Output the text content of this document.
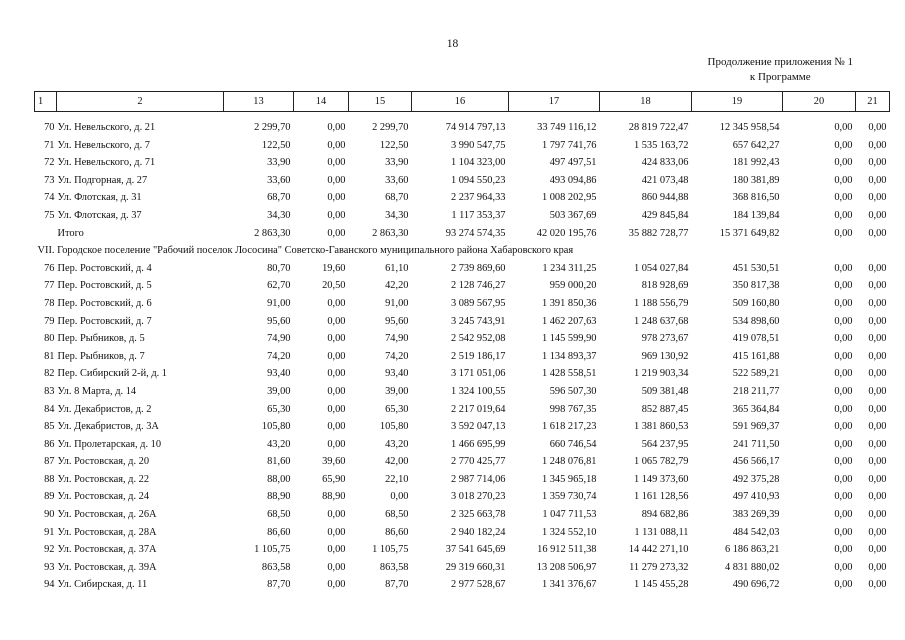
18
Продолжение приложения № 1
к Программе
1	2	13	14	15	16	17	18	19	20	21

70	Ул. Невельского, д. 21	2 299,70	0,00	2 299,70	74 914 797,13	33 749 116,12	28 819 722,47	12 345 958,54	0,00	0,00
71	Ул. Невельского, д. 7	122,50	0,00	122,50	3 990 547,75	1 797 741,76	1 535 163,72	657 642,27	0,00	0,00
72	Ул. Невельского, д. 71	33,90	0,00	33,90	1 104 323,00	497 497,51	424 833,06	181 992,43	0,00	0,00
73	Ул. Подгорная, д. 27	33,60	0,00	33,60	1 094 550,23	493 094,86	421 073,48	180 381,89	0,00	0,00
74	Ул. Флотская, д. 31	68,70	0,00	68,70	2 237 964,33	1 008 202,95	860 944,88	368 816,50	0,00	0,00
75	Ул. Флотская, д. 37	34,30	0,00	34,30	1 117 353,37	503 367,69	429 845,84	184 139,84	0,00	0,00
	Итого	2 863,30	0,00	2 863,30	93 274 574,35	42 020 195,76	35 882 728,77	15 371 649,82	0,00	0,00
VII. Городское поселение "Рабочий поселок Лососина" Советско-Гаванского муниципального района Хабаровского края										
76	Пер. Ростовский, д. 4	80,70	19,60	61,10	2 739 869,60	1 234 311,25	1 054 027,84	451 530,51	0,00	0,00
77	Пер. Ростовский, д. 5	62,70	20,50	42,20	2 128 746,27	959 000,20	818 928,69	350 817,38	0,00	0,00
78	Пер. Ростовский, д. 6	91,00	0,00	91,00	3 089 567,95	1 391 850,36	1 188 556,79	509 160,80	0,00	0,00
79	Пер. Ростовский, д. 7	95,60	0,00	95,60	3 245 743,91	1 462 207,63	1 248 637,68	534 898,60	0,00	0,00
80	Пер. Рыбников, д. 5	74,90	0,00	74,90	2 542 952,08	1 145 599,90	978 273,67	419 078,51	0,00	0,00
81	Пер. Рыбников, д. 7	74,20	0,00	74,20	2 519 186,17	1 134 893,37	969 130,92	415 161,88	0,00	0,00
82	Пер. Сибирский 2-й, д. 1	93,40	0,00	93,40	3 171 051,06	1 428 558,51	1 219 903,34	522 589,21	0,00	0,00
83	Ул. 8 Марта, д. 14	39,00	0,00	39,00	1 324 100,55	596 507,30	509 381,48	218 211,77	0,00	0,00
84	Ул. Декабристов, д. 2	65,30	0,00	65,30	2 217 019,64	998 767,35	852 887,45	365 364,84	0,00	0,00
85	Ул. Декабристов, д. 3А	105,80	0,00	105,80	3 592 047,13	1 618 217,23	1 381 860,53	591 969,37	0,00	0,00
86	Ул. Пролетарская, д. 10	43,20	0,00	43,20	1 466 695,99	660 746,54	564 237,95	241 711,50	0,00	0,00
87	Ул. Ростовская, д. 20	81,60	39,60	42,00	2 770 425,77	1 248 076,81	1 065 782,79	456 566,17	0,00	0,00
88	Ул. Ростовская, д. 22	88,00	65,90	22,10	2 987 714,06	1 345 965,18	1 149 373,60	492 375,28	0,00	0,00
89	Ул. Ростовская, д. 24	88,90	88,90	0,00	3 018 270,23	1 359 730,74	1 161 128,56	497 410,93	0,00	0,00
90	Ул. Ростовская, д. 26А	68,50	0,00	68,50	2 325 663,78	1 047 711,53	894 682,86	383 269,39	0,00	0,00
91	Ул. Ростовская, д. 28А	86,60	0,00	86,60	2 940 182,24	1 324 552,10	1 131 088,11	484 542,03	0,00	0,00
92	Ул. Ростовская, д. 37А	1 105,75	0,00	1 105,75	37 541 645,69	16 912 511,38	14 442 271,10	6 186 863,21	0,00	0,00
93	Ул. Ростовская, д. 39А	863,58	0,00	863,58	29 319 660,31	13 208 506,97	11 279 273,32	4 831 880,02	0,00	0,00
94	Ул. Сибирская, д. 11	87,70	0,00	87,70	2 977 528,67	1 341 376,67	1 145 455,28	490 696,72	0,00	0,00
